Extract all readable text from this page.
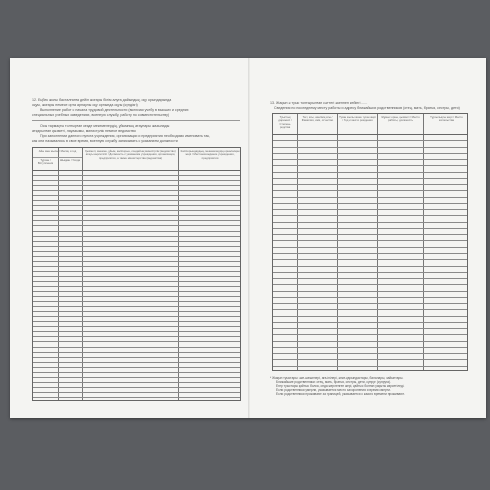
12. Еңбек жолы басталғанға дейін жоғары білім алуға дайындық, оқу орындарында
оқуы, жоғары немесе орта арнаулы оқу орнында оқуы (күндізгі)
Выполнение работ с начала трудовой деятельности (включая учебу в высших и средних
специальных учебных заведениях, военную службу, работу по совместительству)
Осы тармақты толтырған кезде мекемелердің, ұйымның атаулары жазылады
атқарылған қызметі, лауазымы, министрлік немесе ведомство
При заполнении данного пункта учреждения, организации и предприятия необходимо именовать так,
как они назывались в свое время, военную службу записывать с указанием должности
Айы мен жылы / Месяц и год
Тұрған / Вступления
Шыққан / Ухода
Қызметі, мекеме, ұйым, кәсіпорын, сондай-ақ министрлік (ведомство) атауы көрсетіліп / Должность с указанием учреждения, организации, предприятия, а также министерства (ведомства)
Кәсіпорындардың, мекемелердің орналасқан жері / Местонахождение учреждения, предприятия
13. Жақын ә туыс толтырылған сәттегі әкеннен кейінгі ......
Сведения по последнему месту работы и адресу ближайших родственников (отец, мать, братья, сестры, дети)
Туыстық дәрежесі / Степень родства
Тегі, аты, әкесінің аты / Фамилия, имя, отчество
Туған жылы және туған жері / Год и место рождения
Жұмыс орны, қызметі / Место работы, должность
Тұрғылықты жері / Место жительства
* Жақын туыстары: әке-шешелері, аға-інілері, әпке-қарындастары, балалары, зайыптары.
Ближайшие родственники: отец, мать, братья, сестры, дети, супруг (супруга).
Егер туыстары қайтыс болса, онда жерленген жері, қайтыс болған уақыты көрсетіледі.
Если родственники умерли, указывается место захоронения и время смерти.
Если родственники проживают за границей, указывается с какого времени проживают.
